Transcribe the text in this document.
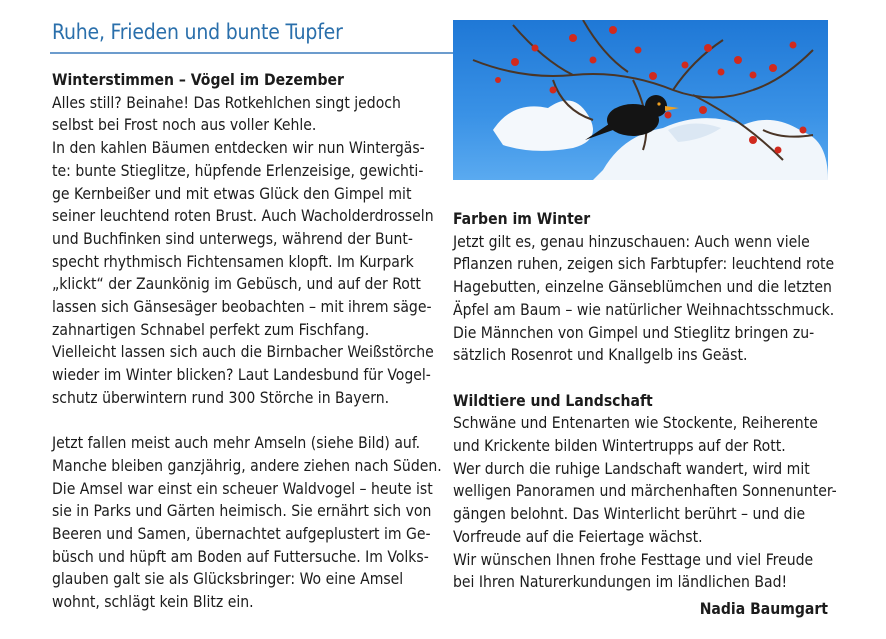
Ruhe, Frieden und bunte Tupfer
Winterstimmen – Vögel im Dezember

Alles still? Beinahe! Das Rotkehlchen singt jedoch
selbst bei Frost noch aus voller Kehle.
In den kahlen Bäumen entdecken wir nun Wintergäs-
te: bunte Stieglitze, hüpfende Erlenzeisige, gewichti-
ge Kernbeißer und mit etwas Glück den Gimpel mit
seiner leuchtend roten Brust. Auch Wacholderdrosseln
und Buchfinken sind unterwegs, während der Bunt-
specht rhythmisch Fichtensamen klopft. Im Kurpark
„klickt“ der Zaunkönig im Gebüsch, und auf der Rott
lassen sich Gänsesäger beobachten – mit ihrem säge-
zahnartigen Schnabel perfekt zum Fischfang.
Vielleicht lassen sich auch die Birnbacher Weißstörche
wieder im Winter blicken? Laut Landesbund für Vogel-
schutz überwintern rund 300 Störche in Bayern.

Jetzt fallen meist auch mehr Amseln (siehe Bild) auf.
Manche bleiben ganzjährig, andere ziehen nach Süden.
Die Amsel war einst ein scheuer Waldvogel – heute ist
sie in Parks und Gärten heimisch. Sie ernährt sich von
Beeren und Samen, übernachtet aufgeplustert im Ge-
büsch und hüpft am Boden auf Futtersuche. Im Volks-
glauben galt sie als Glücksbringer: Wo eine Amsel
wohnt, schlägt kein Blitz ein.

Farben im Winter

Jetzt gilt es, genau hinzuschauen: Auch wenn viele
Pflanzen ruhen, zeigen sich Farbtupfer: leuchtend rote
Hagebutten, einzelne Gänseblümchen und die letzten
Äpfel am Baum – wie natürlicher Weihnachtsschmuck.
Die Männchen von Gimpel und Stieglitz bringen zu-
sätzlich Rosenrot und Knallgelb ins Geäst.

Wildtiere und Landschaft

Schwäne und Entenarten wie Stockente, Reiherente
und Krickente bilden Wintertrupps auf der Rott.
Wer durch die ruhige Landschaft wandert, wird mit
welligen Panoramen und märchenhaften Sonnenunter-
gängen belohnt. Das Winterlicht berührt – und die
Vorfreude auf die Feiertage wächst.
Wir wünschen Ihnen frohe Festtage und viel Freude
bei Ihren Naturerkundungen im ländlichen Bad!

Nadia Baumgart
